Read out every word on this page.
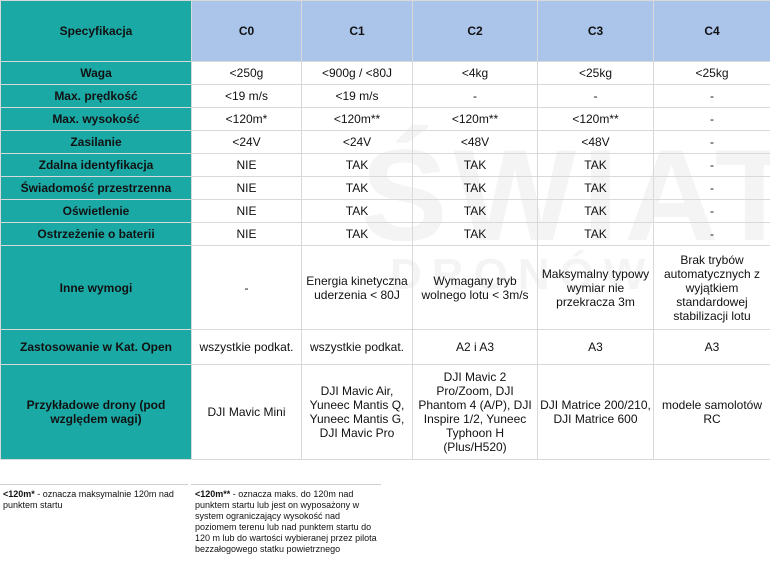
Specyfikacja	C0	C1	C2	C3	C4
Waga	<250g	<900g / <80J	<4kg	<25kg	<25kg
Max. prędkość	<19 m/s	<19 m/s	-	-	-
Max. wysokość	<120m*	<120m**	<120m**	<120m**	-
Zasilanie	<24V	<24V	<48V	<48V	-
Zdalna identyfikacja	NIE	TAK	TAK	TAK	-
Świadomość przestrzenna	NIE	TAK	TAK	TAK	-
Oświetlenie	NIE	TAK	TAK	TAK	-
Ostrzeżenie o baterii	NIE	TAK	TAK	TAK	-
Inne wymogi	-	Energia kinetyczna uderzenia < 80J	Wymagany tryb wolnego lotu < 3m/s	Maksymalny typowy wymiar nie przekracza 3m	Brak trybów automatycznych z wyjątkiem standardowej stabilizacji lotu
Zastosowanie w Kat. Open	wszystkie podkat.	wszystkie podkat.	A2 i A3	A3	A3
Przykładowe drony (pod względem wagi)	DJI Mavic Mini	DJI Mavic Air, Yuneec Mantis Q, Yuneec Mantis G, DJI Mavic Pro	DJI Mavic 2 Pro/Zoom, DJI Phantom 4 (A/P), DJI Inspire 1/2, Yuneec Typhoon H (Plus/H520)	DJI Matrice 200/210, DJI Matrice 600	modele samolotów RC
<120m* - oznacza maksymalnie 120m nad punktem startu
<120m** - oznacza maks. do 120m nad punktem startu lub jest on wyposażony w system ograniczający wysokość nad poziomem terenu lub nad punktem startu do 120 m lub do wartości wybieranej przez pilota bezzałogowego statku powietrznego
